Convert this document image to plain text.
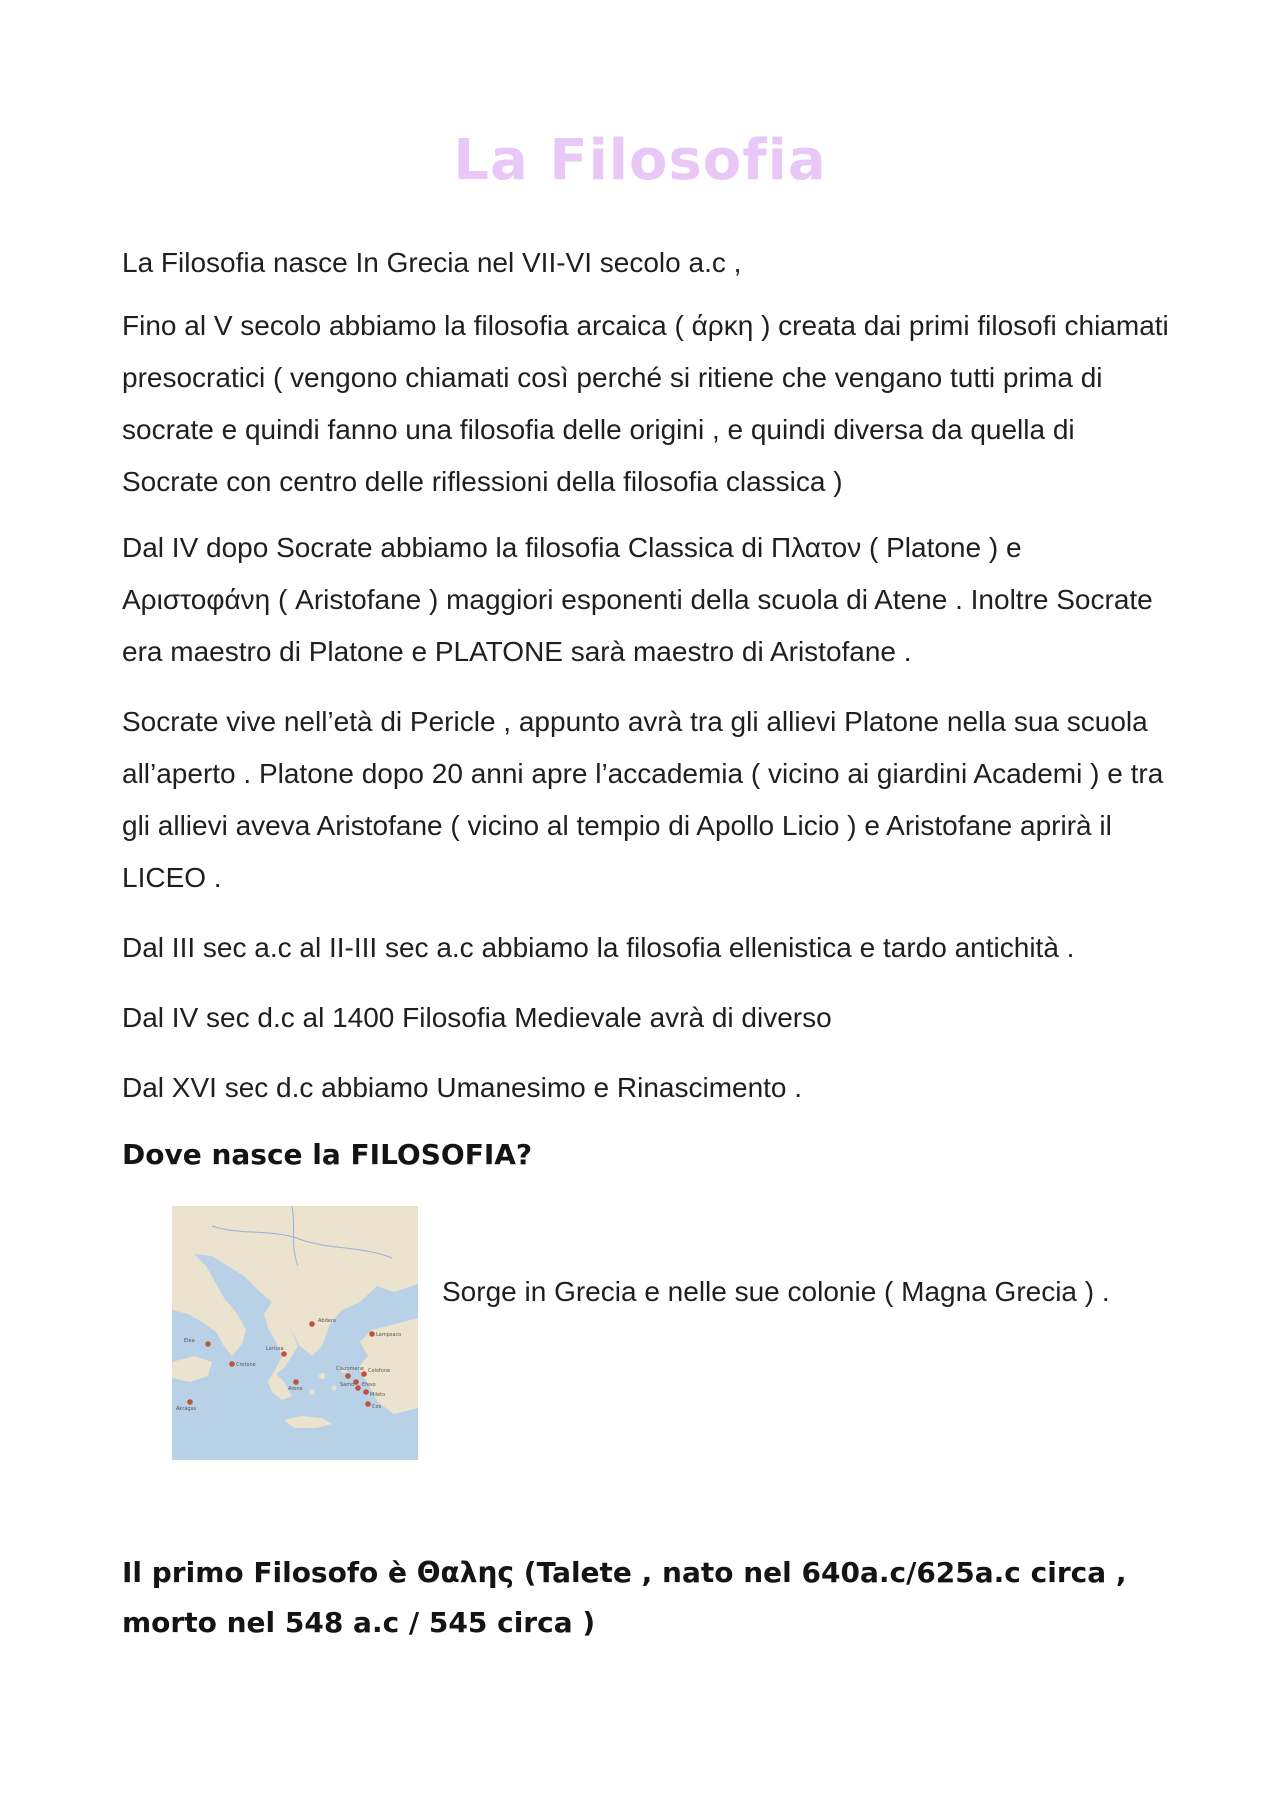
La Filosofia

La Filosofia nasce In Grecia nel VII-VI secolo a.c ,

Fino al V secolo abbiamo la filosofia arcaica ( άρκη ) creata dai primi filosofi chiamati presocratici ( vengono chiamati così perché si ritiene che vengano tutti prima di socrate e quindi fanno una filosofia delle origini , e quindi diversa da quella di Socrate con centro delle riflessioni della filosofia classica )

Dal IV dopo Socrate abbiamo la filosofia Classica di Πλατον ( Platone ) e Αριστοφάνη ( Aristofane ) maggiori esponenti della scuola di Atene . Inoltre Socrate era maestro di Platone e PLATONE sarà maestro di Aristofane .

Socrate vive nell’età di Pericle , appunto avrà tra gli allievi Platone nella sua scuola all’aperto . Platone dopo 20 anni apre l’accademia ( vicino ai giardini Academi ) e tra gli allievi aveva Aristofane ( vicino al tempio di Apollo Licio ) e Aristofane aprirà il LICEO .

Dal III sec a.c al II-III sec a.c abbiamo la filosofia ellenistica e tardo antichità .

Dal IV sec d.c al 1400 Filosofia Medievale avrà di diverso

Dal XVI sec d.c abbiamo Umanesimo e Rinascimento .

Dove nasce la FILOSOFIA?
Abdera
Elea
Crotone
Larissa
Clazomene
Samo
Colofone
Mileto
Efeso
Atene
Akragas
Lampsaco
Cos
Sorge in Grecia e nelle sue colonie ( Magna Grecia ) .
Il primo Filosofo è Θαλης (Talete , nato nel 640a.c/625a.c circa , morto nel 548 a.c / 545 circa )
